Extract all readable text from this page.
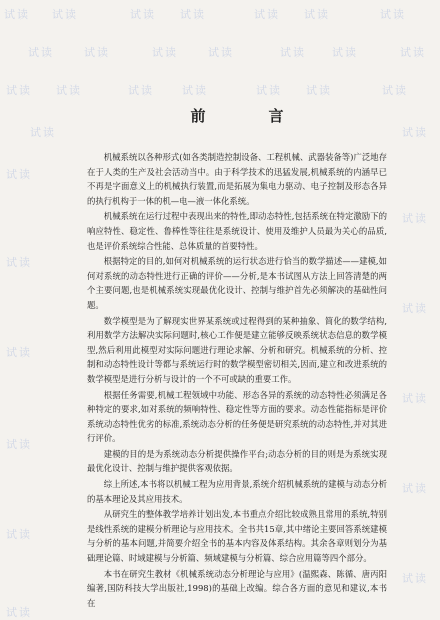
试读 试读	试读 试读	试读 试读	试读
试读	试读	试读	试读	试读 试读	试读
试读 试读	试读	试读	试读 试读	试读
试读	试读
试读
试读
试读
试读
试读
试读
试读
试读
试读
试读
试读
前　言

机械系统以各种形式(如各类制造控制设备、工程机械、武器装备等)广泛地存在于人类的生产及社会活动当中。由于科学技术的迅猛发展,机械系统的内涵早已不再是字面意义上的机械执行装置,而是拓展为集电力驱动、电子控制及形态各异的执行机构于一体的机—电—液一体化系统。

机械系统在运行过程中表现出来的特性,即动态特性,包括系统在特定激励下的响应特性、稳定性、鲁棒性等往往是系统设计、使用及维护人员最为关心的品质,也是评价系统综合性能、总体质量的首要特性。

根据特定的目的,如何对机械系统的运行状态进行恰当的数学描述——建模,如何对系统的动态特性进行正确的评价——分析,是本书试图从方法上回答清楚的两个主要问题,也是机械系统实现最优化设计、控制与维护首先必须解决的基础性问题。

数学模型是为了解现实世界某系统或过程得到的某种抽象、简化的数学结构,利用数学方法解决实际问题时,核心工作便是建立能够反映系统状态信息的数学模型,然后利用此模型对实际问题进行理论求解、分析和研究。机械系统的分析、控制和动态特性设计等都与系统运行时的数学模型密切相关,因而,建立和改进系统的数学模型是进行分析与设计的一个不可或缺的重要工作。

根据任务需要,机械工程领域中功能、形态各异的系统的动态特性必须满足各种特定的要求,如对系统的频响特性、稳定性等方面的要求。动态性能指标是评价系统动态特性优劣的标准,系统动态分析的任务便是研究系统的动态特性,并对其进行评价。

建模的目的是为系统动态分析提供操作平台;动态分析的目的则是为系统实现最优化设计、控制与维护提供客观依据。

综上所述,本书将以机械工程为应用背景,系统介绍机械系统的建模与动态分析的基本理论及其应用技术。

从研究生的整体教学培养计划出发,本书重点介绍比较成熟且常用的系统,特别是线性系统的建模分析理论与应用技术。全书共15章,其中绪论主要回答系统建模与分析的基本问题,并简要介绍全书的基本内容及体系结构。其余各章则划分为基础理论篇、时域建模与分析篇、频域建模与分析篇、综合应用篇等四个部分。

本书在研究生教材《机械系统动态分析理论与应用》(温熙森、陈循、唐丙阳编著,国防科技大学出版社,1998)的基础上改编。综合各方面的意见和建议,本书在
